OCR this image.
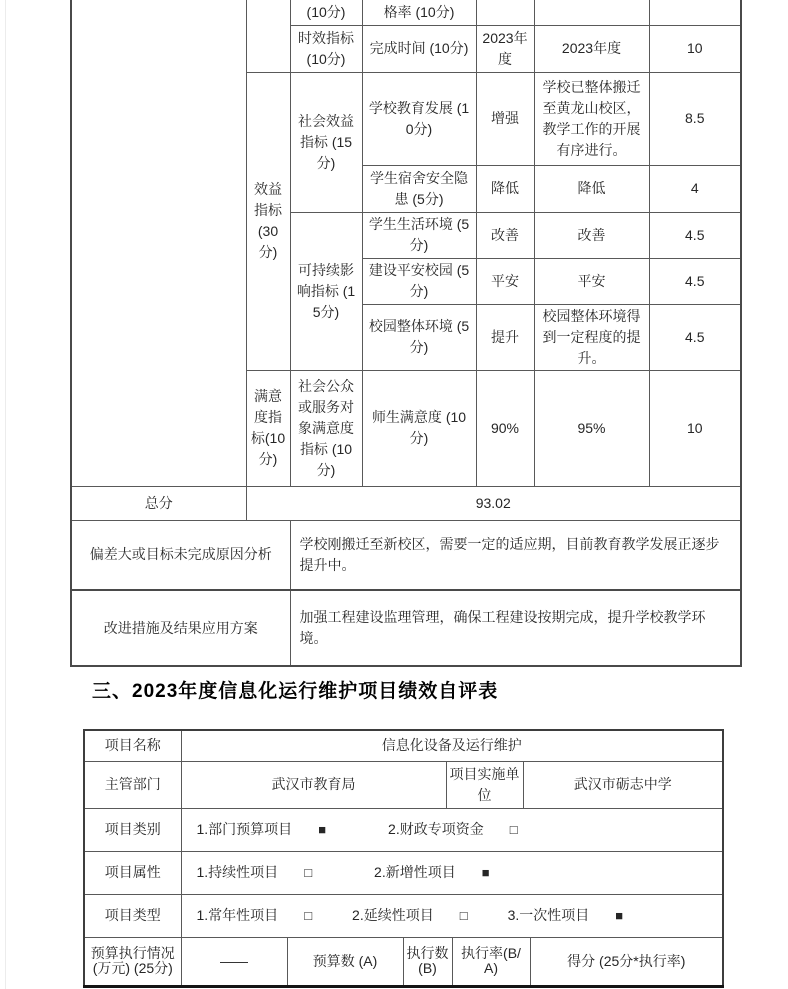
		(10分)	格率 (10分)			
		时效指标 (10分)	完成时间 (10分)	2023年度	2023年度	10
	效益指标 (30分)	社会效益指标 (15分)	学校教育发展 (10分)	增强	学校已整体搬迁至黄龙山校区，教学工作的开展有序进行。	8.5
			学生宿舍安全隐患 (5分)	降低	降低	4
		可持续影响指标 (15分)	学生生活环境 (5分)	改善	改善	4.5
			建设平安校园 (5分)	平安	平安	4.5
			校园整体环境 (5分)	提升	校园整体环境得到一定程度的提升。	4.5
	满意度指标(10分)	社会公众或服务对象满意度指标 (10分)	师生满意度 (10分)	90%	95%	10
总分	93.02					
偏差大或目标未完成原因分析		学校刚搬迁至新校区，需要一定的适应期，目前教育教学发展正逐步提升中。				
改进措施及结果应用方案		加强工程建设监理管理，确保工程建设按期完成，提升学校教学环境。				
三、2023年度信息化运行维护项目绩效自评表
项目名称	信息化设备及运行维护						
主管部门	武汉市教育局			项目实施单位		武汉市砺志中学	
项目类别	1.部门预算项目 ■ 2.财政专项资金 □						

项目属性	1.持续性项目 □ 2.新增性项目 ■						

项目类型	1.常年性项目 □	2.延续性项目 □	3.一次性项目 ■

预算执行情况 (万元) (25分)	——	预算数 (A)	执行数 (B)		执行率(B/ A)		得分 (25分*执行率)
